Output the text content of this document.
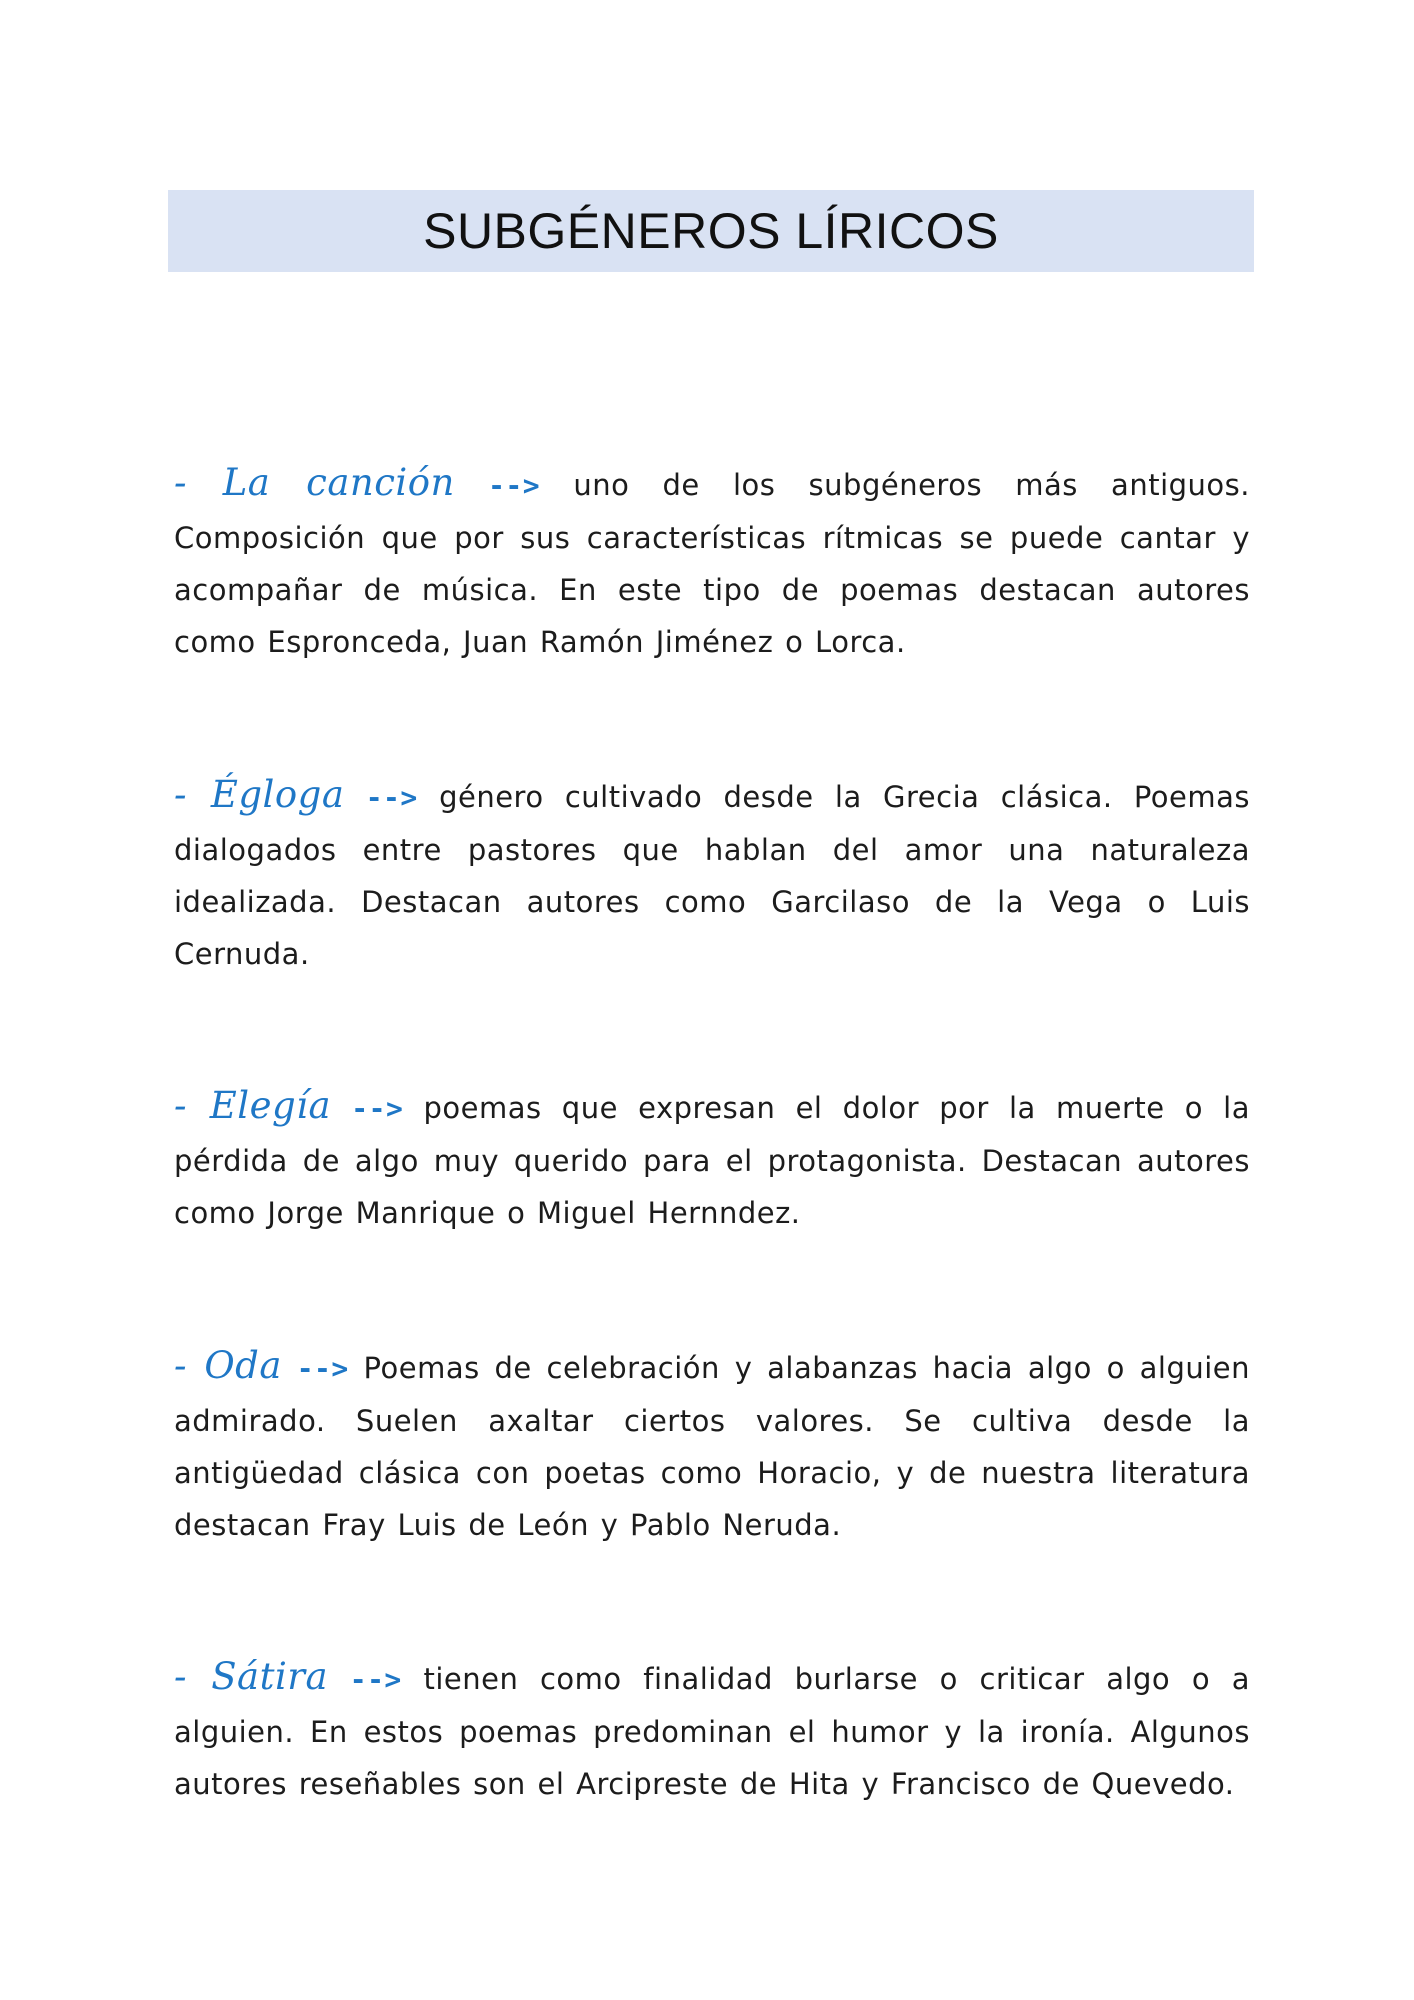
SUBGÉNEROS LÍRICOS

- La canción --> uno de los subgéneros más antiguos. Composición que por sus características rítmicas se puede cantar y acompañar de música. En este tipo de poemas destacan autores como Espronceda, Juan Ramón Jiménez o Lorca.

- Égloga --> género cultivado desde la Grecia clásica. Poemas dialogados entre pastores que hablan del amor una naturaleza idealizada. Destacan autores como Garcilaso de la Vega o Luis Cernuda.

- Elegía --> poemas que expresan el dolor por la muerte o la pérdida de algo muy querido para el protagonista. Destacan autores como Jorge Manrique o Miguel Hernndez.

- Oda --> Poemas de celebración y alabanzas hacia algo o alguien admirado. Suelen axaltar ciertos valores. Se cultiva desde la antigüedad clásica con poetas como Horacio, y de nuestra literatura destacan Fray Luis de León y Pablo Neruda.

- Sátira --> tienen como finalidad burlarse o criticar algo o a alguien. En estos poemas predominan el humor y la ironía. Algunos autores reseñables son el Arcipreste de Hita y Francisco de Quevedo.
